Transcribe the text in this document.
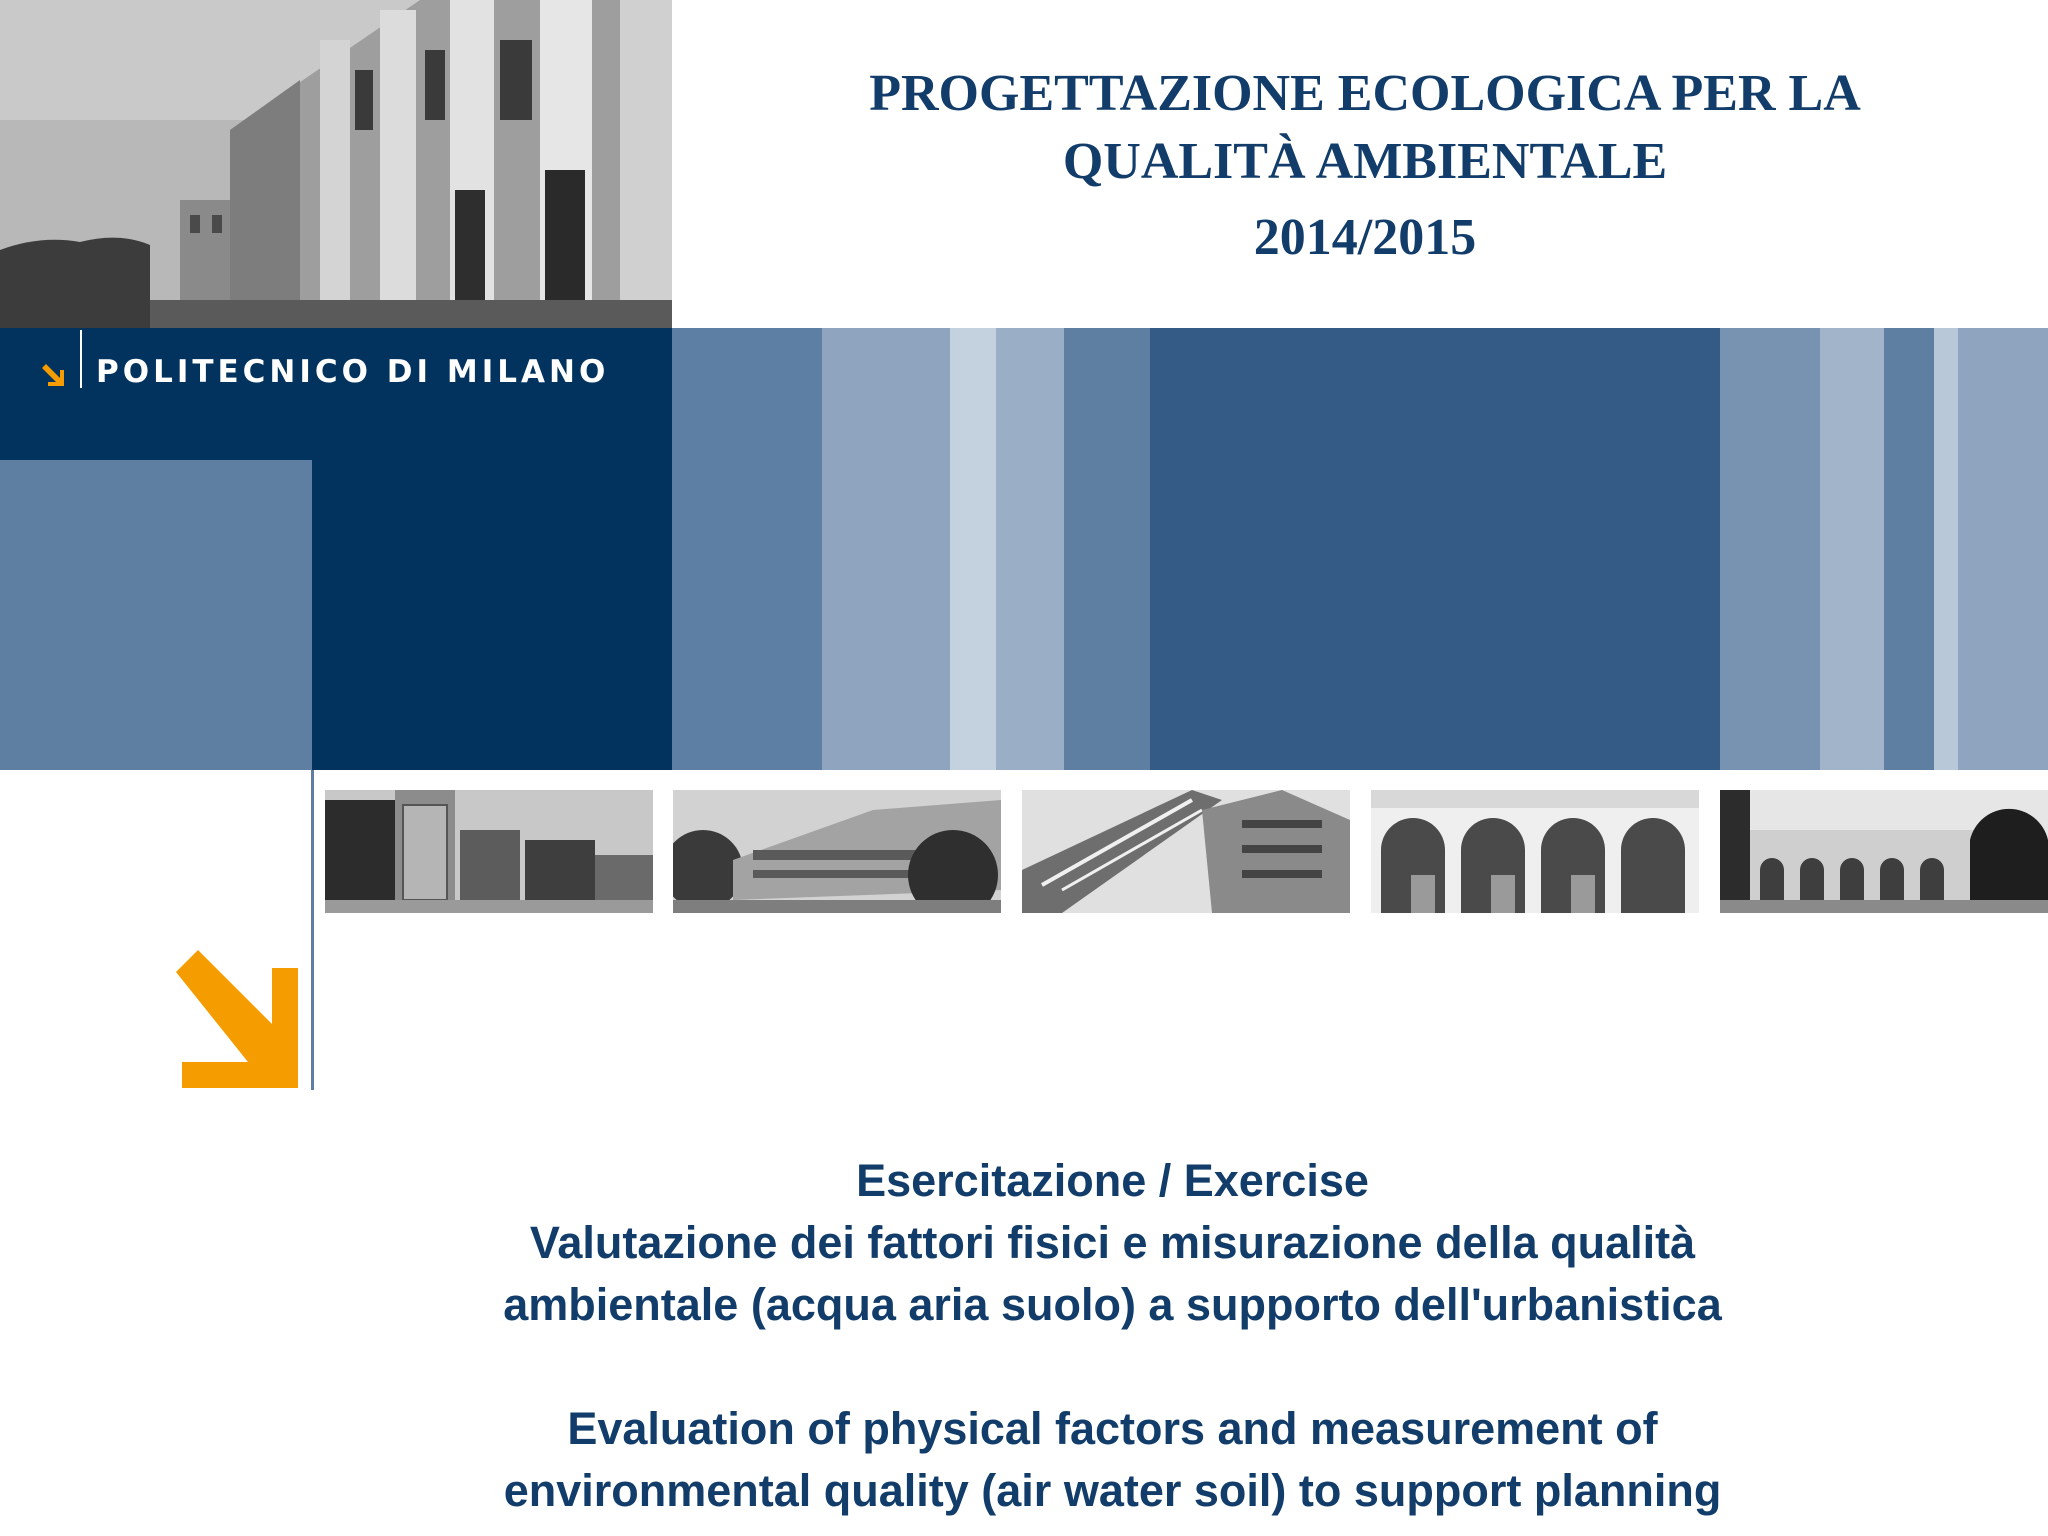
PROGETTAZIONE ECOLOGICA PER LA
QUALITÀ AMBIENTALE
2014/2015
POLITECNICO DI MILANO
Esercitazione / Exercise
Valutazione dei fattori fisici e misurazione della qualità
ambientale (acqua aria suolo) a supporto dell'urbanistica
Evaluation of physical factors and measurement of
environmental quality (air water soil) to support planning
